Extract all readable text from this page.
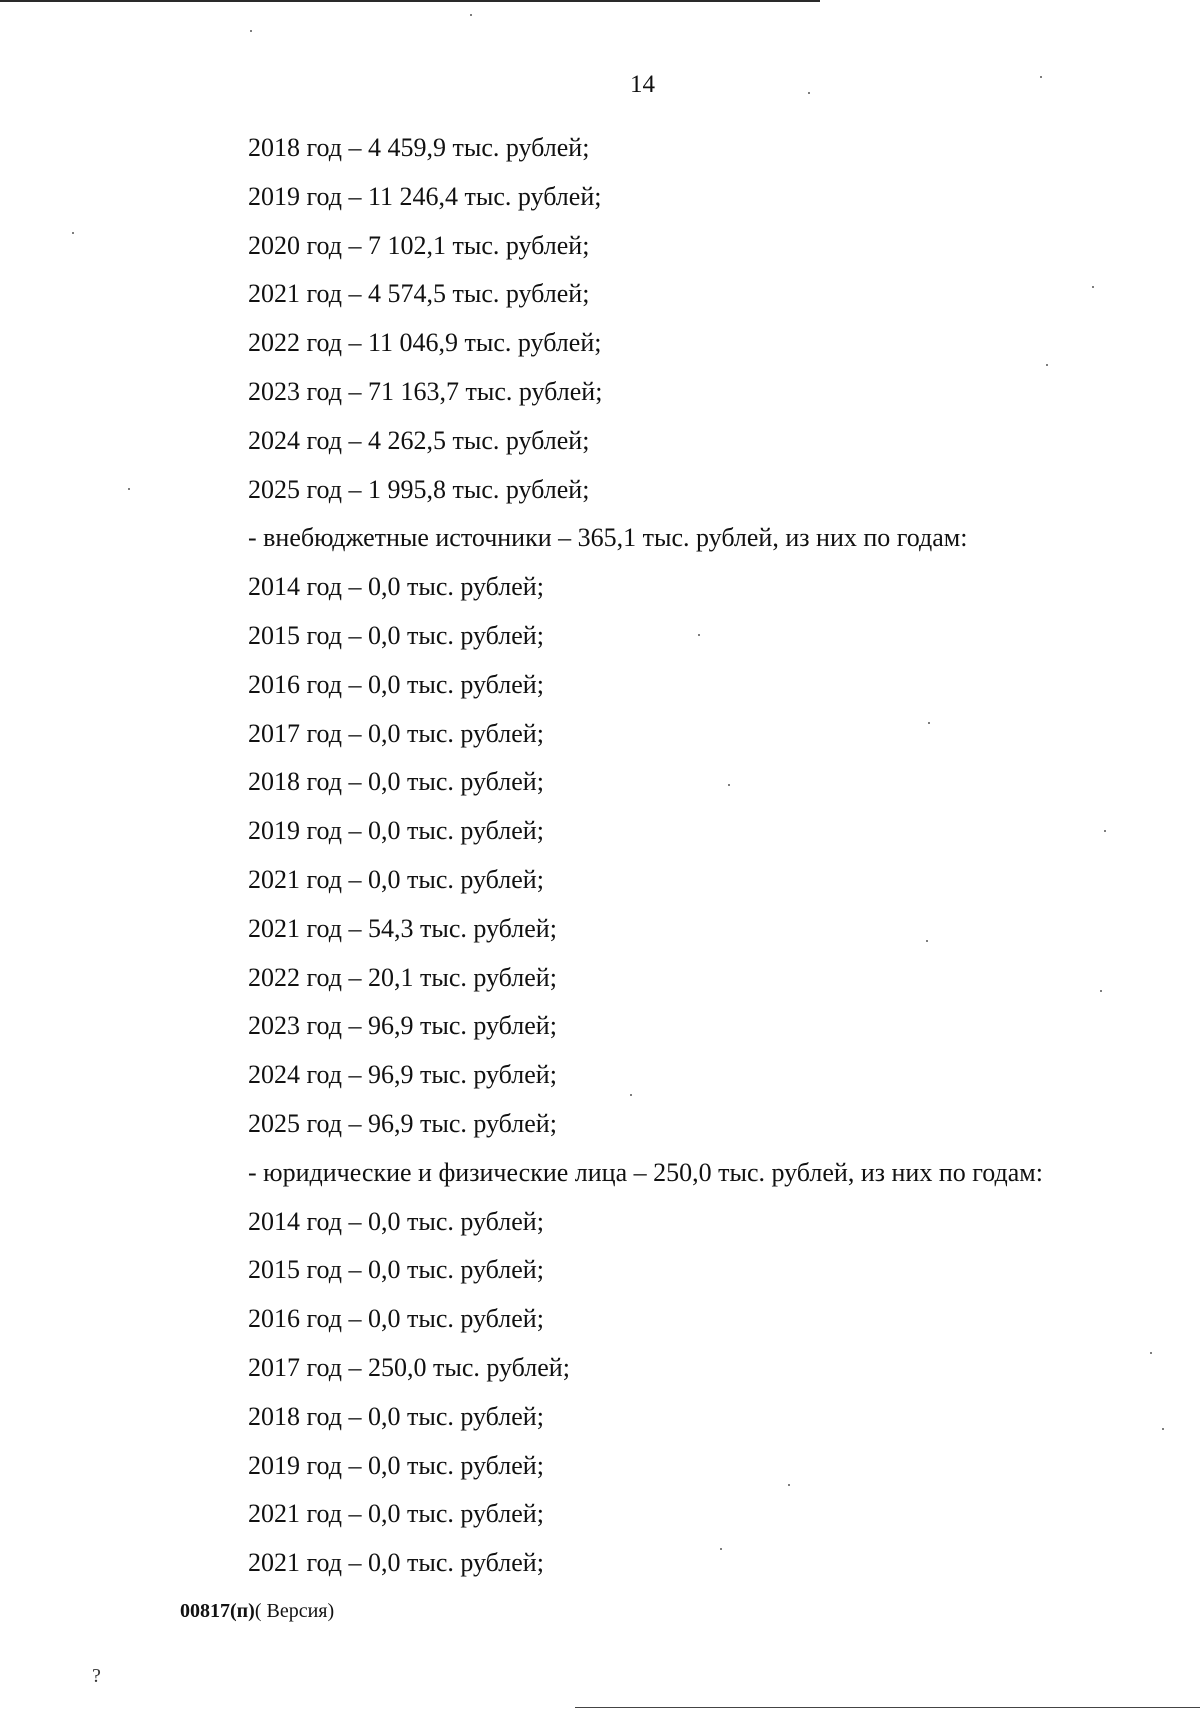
14
2018 год – 4 459,9 тыс. рублей;
2019 год – 11 246,4 тыс. рублей;
2020 год – 7 102,1 тыс. рублей;
2021 год – 4 574,5 тыс. рублей;
2022 год – 11 046,9 тыс. рублей;
2023 год – 71 163,7 тыс. рублей;
2024 год – 4 262,5 тыс. рублей;
2025 год – 1 995,8 тыс. рублей;
- внебюджетные источники – 365,1 тыс. рублей, из них по годам:
2014 год – 0,0 тыс. рублей;
2015 год – 0,0 тыс. рублей;
2016 год – 0,0 тыс. рублей;
2017 год – 0,0 тыс. рублей;
2018 год – 0,0 тыс. рублей;
2019 год – 0,0 тыс. рублей;
2021 год – 0,0 тыс. рублей;
2021 год – 54,3 тыс. рублей;
2022 год – 20,1 тыс. рублей;
2023 год – 96,9 тыс. рублей;
2024 год – 96,9 тыс. рублей;
2025 год – 96,9 тыс. рублей;
- юридические и физические лица – 250,0 тыс. рублей, из них по годам:
2014 год – 0,0 тыс. рублей;
2015 год – 0,0 тыс. рублей;
2016 год – 0,0 тыс. рублей;
2017 год – 250,0 тыс. рублей;
2018 год – 0,0 тыс. рублей;
2019 год – 0,0 тыс. рублей;
2021 год – 0,0 тыс. рублей;
2021 год – 0,0 тыс. рублей;
00817(п)( Версия)
?
